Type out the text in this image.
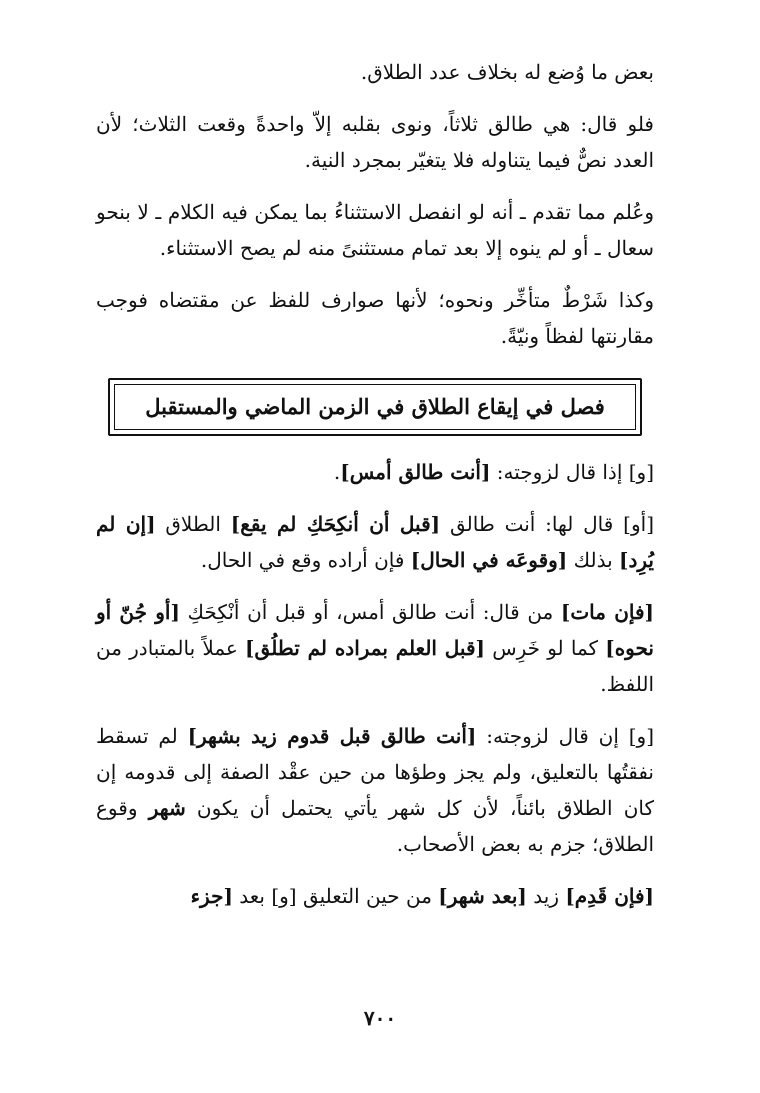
بعض ما وُضع له بخلاف عدد الطلاق.

فلو قال: هي طالق ثلاثاً، ونوى بقلبه إلاّ واحدةً وقعت الثلاث؛ لأن العدد نصٌّ فيما يتناوله فلا يتغيّر بمجرد النية.

وعُلم مما تقدم ـ أنه لو انفصل الاستثناءُ بما يمكن فيه الكلام ـ لا بنحو سعال ـ أو لم ينوه إلا بعد تمام مستثنىً منه لم يصح الاستثناء.

وكذا شَرْطٌ متأخِّر ونحوه؛ لأنها صوارف للفظ عن مقتضاه فوجب مقارنتها لفظاً ونيّةً.

فصل في إيقاع الطلاق في الزمن الماضي والمستقبل

[و] إذا قال لزوجته: [أنت طالق أمس].

[أو] قال لها: أنت طالق [قبل أن أنكِحَكِ لم يقع] الطلاق [إن لم يُرِد] بذلك [وقوعَه في الحال] فإن أراده وقع في الحال.

[فإن مات] من قال: أنت طالق أمس، أو قبل أن أنْكِحَكِ [أو جُنّ أو نحوه] كما لو خَرِس [قبل العلم بمراده لم تطلُق] عملاً بالمتبادر من اللفظ.

[و] إن قال لزوجته: [أنت طالق قبل قدوم زيد بشهر] لم تسقط نفقتُها بالتعليق، ولم يجز وطؤها من حين عقْد الصفة إلى قدومه إن كان الطلاق بائناً، لأن كل شهر يأتي يحتمل أن يكون شهر وقوع الطلاق؛ جزم به بعض الأصحاب.

[فإن قَدِم] زيد [بعد شهر] من حين التعليق [و] بعد [جزء

٧٠٠
